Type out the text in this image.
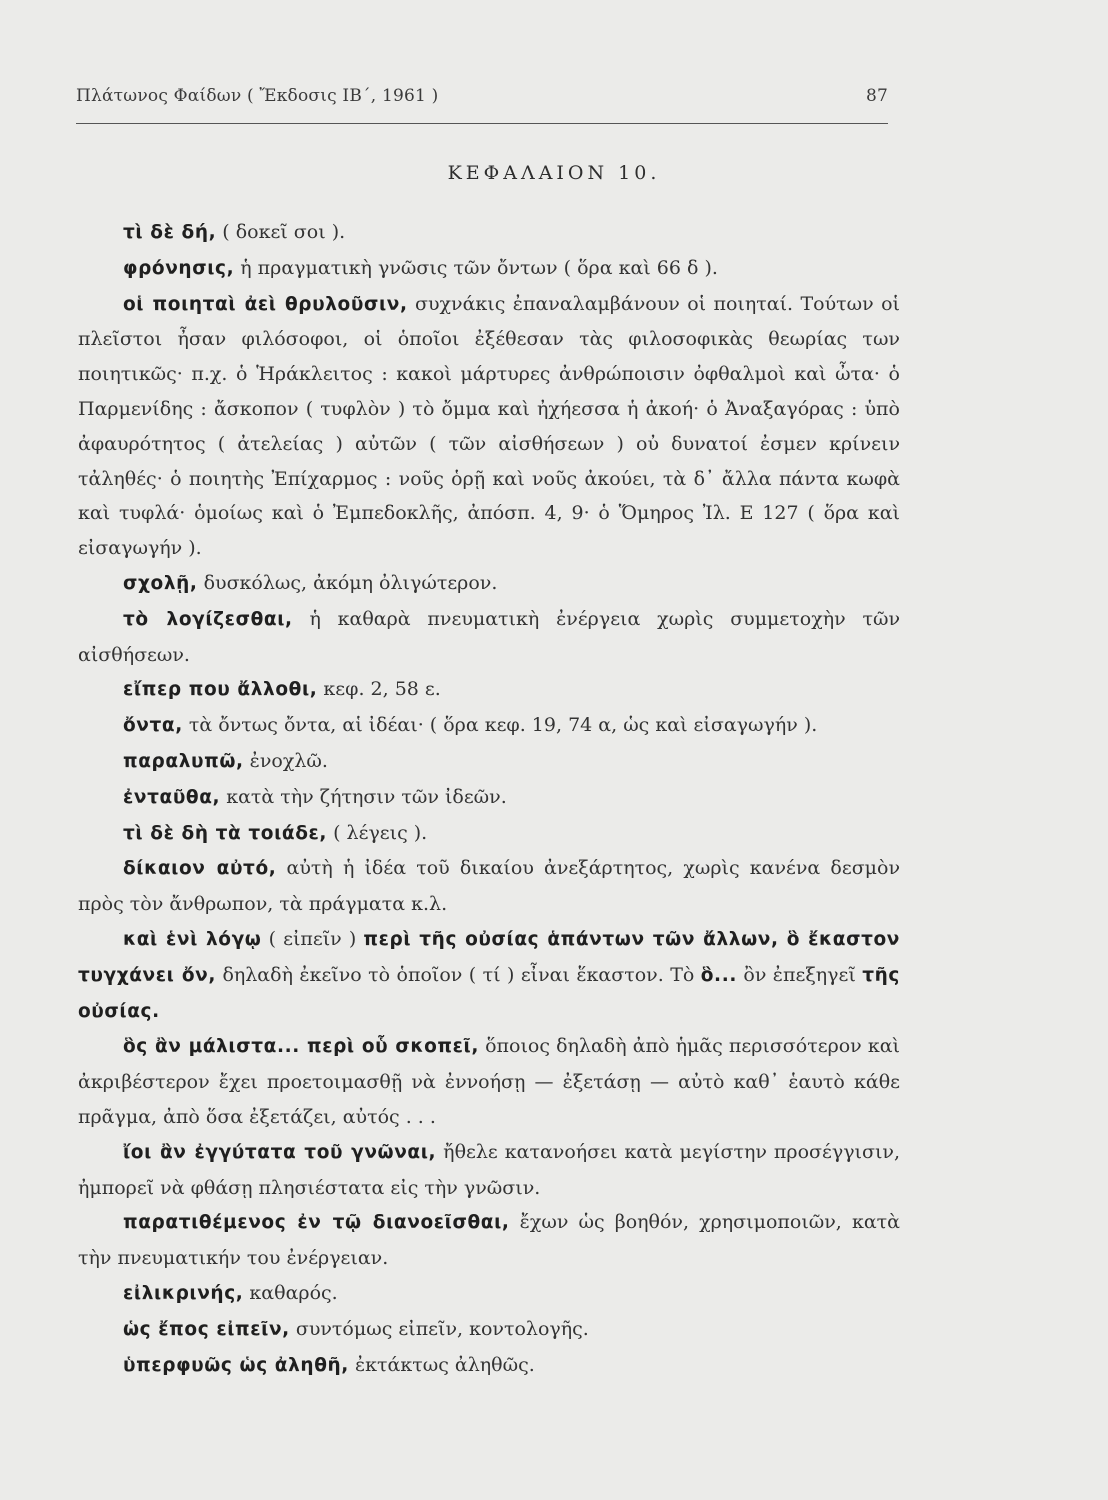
Πλάτωνος Φαίδων ( Ἔκδοσις ΙΒ΄, 1961 )	87
ΚΕΦΑΛΑΙΟΝ 10.

τὶ δὲ δή, ( δοκεῖ σοι ).

φρόνησις, ἡ πραγματικὴ γνῶσις τῶν ὄντων ( ὅρα καὶ 66 δ ).

οἱ ποιηταὶ ἀεὶ θρυλοῦσιν, συχνάκις ἐπαναλαμβάνουν οἱ ποιηταί. Τούτων οἱ πλεῖστοι ἦσαν φιλόσοφοι, οἱ ὁποῖοι ἐξέθεσαν τὰς φιλοσοφικὰς θεωρίας των ποιητικῶς· π.χ. ὁ Ἡράκλειτος : κακοὶ μάρτυρες ἀνθρώποισιν ὀφθαλμοὶ καὶ ὦτα· ὁ Παρμενίδης : ἄσκοπον ( τυφλὸν ) τὸ ὄμμα καὶ ἠχήεσσα ἡ ἀκοή· ὁ Ἀναξαγόρας : ὑπὸ ἀφαυρότητος ( ἀτελείας ) αὐτῶν ( τῶν αἰσθήσεων ) οὐ δυνατοί ἐσμεν κρίνειν τἀληθές· ὁ ποιητὴς Ἐπίχαρμος : νοῦς ὁρῇ καὶ νοῦς ἀκούει, τὰ δ᾽ ἄλλα πάντα κωφὰ καὶ τυφλά· ὁμοίως καὶ ὁ Ἐμπεδοκλῆς, ἀπόσπ. 4, 9· ὁ Ὅμηρος Ἰλ. Ε 127 ( ὅρα καὶ εἰσαγωγήν ).

σχολῇ, δυσκόλως, ἀκόμη ὀλιγώτερον.

τὸ λογίζεσθαι, ἡ καθαρὰ πνευματικὴ ἐνέργεια χωρὶς συμμετοχὴν τῶν αἰσθήσεων.

εἴπερ που ἄλλοθι, κεφ. 2, 58 ε.

ὄντα, τὰ ὄντως ὄντα, αἱ ἰδέαι· ( ὅρα κεφ. 19, 74 α, ὡς καὶ εἰσαγωγήν ).

παραλυπῶ, ἐνοχλῶ.

ἐνταῦθα, κατὰ τὴν ζήτησιν τῶν ἰδεῶν.

τὶ δὲ δὴ τὰ τοιάδε, ( λέγεις ).

δίκαιον αὐτό, αὐτὴ ἡ ἰδέα τοῦ δικαίου ἀνεξάρτητος, χωρὶς κανένα δεσμὸν πρὸς τὸν ἄνθρωπον, τὰ πράγματα κ.λ.

καὶ ἑνὶ λόγῳ ( εἰπεῖν ) περὶ τῆς οὐσίας ἁπάντων τῶν ἄλλων, ὃ ἔκαστον τυγχάνει ὄν, δηλαδὴ ἐκεῖνο τὸ ὁποῖον ( τί ) εἶναι ἕκαστον. Τὸ ὃ... ὂν ἐπεξηγεῖ τῆς οὐσίας.

ὃς ἂν μάλιστα... περὶ οὗ σκοπεῖ, ὅποιος δηλαδὴ ἀπὸ ἡμᾶς περισσότερον καὶ ἀκριβέστερον ἔχει προετοιμασθῇ νὰ ἐννοήσῃ — ἐξετάσῃ — αὐτὸ καθ᾽ ἑαυτὸ κάθε πρᾶγμα, ἀπὸ ὅσα ἐξετάζει, αὐτός . . .

ἴοι ἂν ἐγγύτατα τοῦ γνῶναι, ἤθελε κατανοήσει κατὰ μεγίστην προσέγγισιν, ἠμπορεῖ νὰ φθάσῃ πλησιέστατα εἰς τὴν γνῶσιν.

παρατιθέμενος ἐν τῷ διανοεῖσθαι, ἔχων ὡς βοηθόν, χρησιμοποιῶν, κατὰ τὴν πνευματικήν του ἐνέργειαν.

εἰλικρινής, καθαρός.

ὡς ἔπος εἰπεῖν, συντόμως εἰπεῖν, κοντολογῆς.

ὑπερφυῶς ὡς ἀληθῆ, ἐκτάκτως ἀληθῶς.
